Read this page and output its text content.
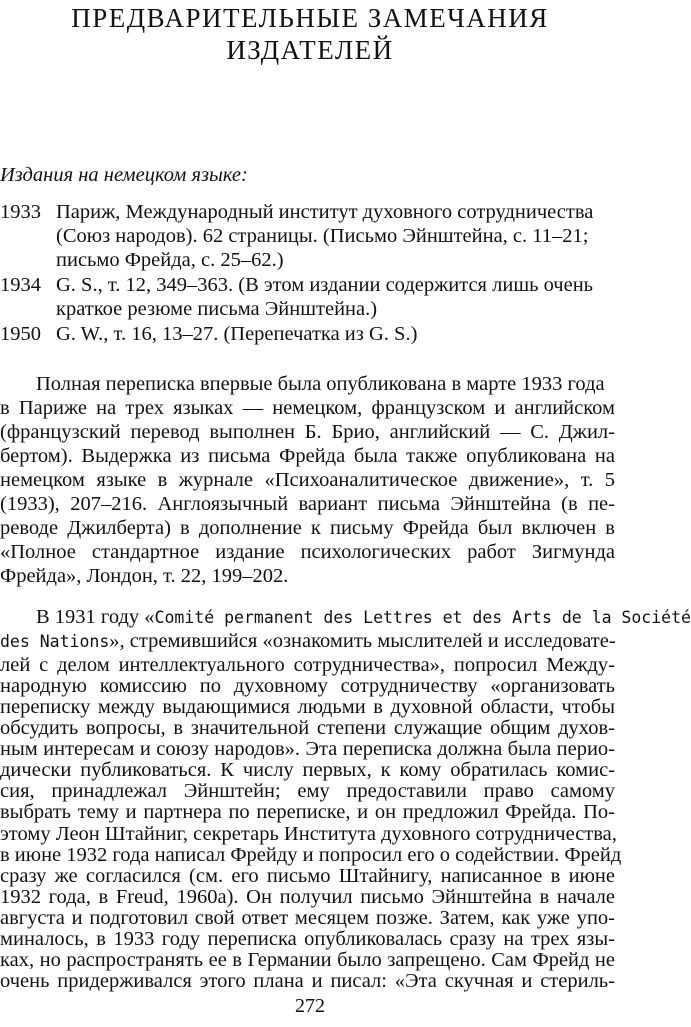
ПРЕДВАРИТЕЛЬНЫЕ ЗАМЕЧАНИЯ
ИЗДАТЕЛЕЙ
Издания на немецком языке:
1933 Париж, Международный институт духовного сотрудничества
(Союз народов). 62 страницы. (Письмо Эйнштейна, с. 11–21;
письмо Фрейда, с. 25–62.)
1934 G. S., т. 12, 349–363. (В этом издании содержится лишь очень
краткое резюме письма Эйнштейна.)
1950 G. W., т. 16, 13–27. (Перепечатка из G. S.)
Полная переписка впервые была опубликована в марте 1933 года
в Париже на трех языках — немецком, французском и английском
(французский перевод выполнен Б. Брио, английский — С. Джил-
бертом). Выдержка из письма Фрейда была также опубликована на
немецком языке в журнале «Психоаналитическое движение», т. 5
(1933), 207–216. Англоязычный вариант письма Эйнштейна (в пе-
реводе Джилберта) в дополнение к письму Фрейда был включен в
«Полное стандартное издание психологических работ Зигмунда
Фрейда», Лондон, т. 22, 199–202.
В 1931 году «Comité permanent des Lettres et des Arts de la Société
des Nations», стремившийся «ознакомить мыслителей и исследовате-
лей с делом интеллектуального сотрудничества», попросил Между-
народную комиссию по духовному сотрудничеству «организовать
переписку между выдающимися людьми в духовной области, чтобы
обсудить вопросы, в значительной степени служащие общим духов-
ным интересам и союзу народов». Эта переписка должна была перио-
дически публиковаться. К числу первых, к кому обратилась комис-
сия, принадлежал Эйнштейн; ему предоставили право самому
выбрать тему и партнера по переписке, и он предложил Фрейда. По-
этому Леон Штайниг, секретарь Института духовного сотрудничества,
в июне 1932 года написал Фрейду и попросил его о содействии. Фрейд
сразу же согласился (см. его письмо Штайнигу, написанное в июне
1932 года, в Freud, 1960a). Он получил письмо Эйнштейна в начале
августа и подготовил свой ответ месяцем позже. Затем, как уже упо-
миналось, в 1933 году переписка опубликовалась сразу на трех язы-
272
ках, но распространять ее в Германии было запрещено. Сам Фрейд не
очень придерживался этого плана и писал: «Эта скучная и стериль-
